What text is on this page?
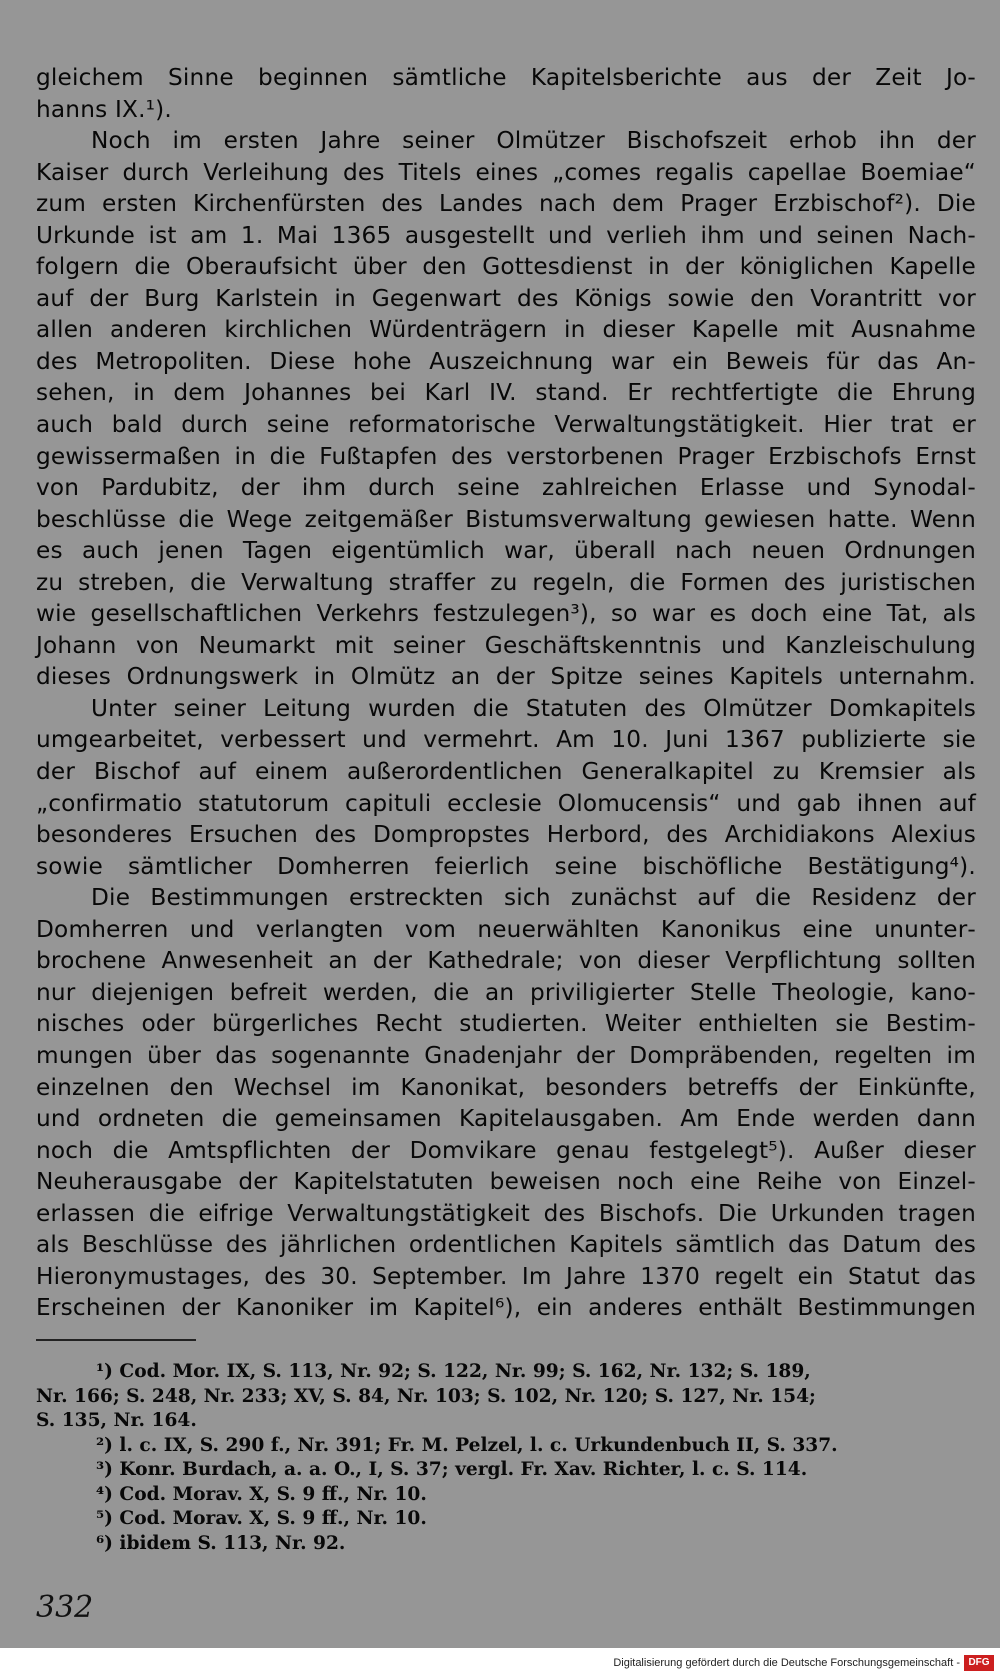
gleichem Sinne beginnen sämtliche Kapitelsberichte aus der Zeit Jo‑
hanns IX.¹).
Noch im ersten Jahre seiner Olmützer Bischofszeit erhob ihn der
Kaiser durch Verleihung des Titels eines „comes regalis capellae Boemiae“
zum ersten Kirchenfürsten des Landes nach dem Prager Erzbischof²). Die
Urkunde ist am 1. Mai 1365 ausgestellt und verlieh ihm und seinen Nach‑
folgern die Oberaufsicht über den Gottesdienst in der königlichen Kapelle
auf der Burg Karlstein in Gegenwart des Königs sowie den Vorantritt vor
allen anderen kirchlichen Würdenträgern in dieser Kapelle mit Ausnahme
des Metropoliten. Diese hohe Auszeichnung war ein Beweis für das An‑
sehen, in dem Johannes bei Karl IV. stand. Er rechtfertigte die Ehrung
auch bald durch seine reformatorische Verwaltungstätigkeit. Hier trat er
gewissermaßen in die Fußtapfen des verstorbenen Prager Erzbischofs Ernst
von Pardubitz, der ihm durch seine zahlreichen Erlasse und Synodal‑
beschlüsse die Wege zeitgemäßer Bistumsverwaltung gewiesen hatte. Wenn
es auch jenen Tagen eigentümlich war, überall nach neuen Ordnungen
zu streben, die Verwaltung straffer zu regeln, die Formen des juristischen
wie gesellschaftlichen Verkehrs festzulegen³), so war es doch eine Tat, als
Johann von Neumarkt mit seiner Geschäftskenntnis und Kanzleischulung
dieses Ordnungswerk in Olmütz an der Spitze seines Kapitels unternahm.
Unter seiner Leitung wurden die Statuten des Olmützer Domkapitels
umgearbeitet, verbessert und vermehrt. Am 10. Juni 1367 publizierte sie
der Bischof auf einem außerordentlichen Generalkapitel zu Kremsier als
„confirmatio statutorum capituli ecclesie Olomucensis“ und gab ihnen auf
besonderes Ersuchen des Dompropstes Herbord, des Archidiakons Alexius
sowie sämtlicher Domherren feierlich seine bischöfliche Bestätigung⁴).
Die Bestimmungen erstreckten sich zunächst auf die Residenz der
Domherren und verlangten vom neuerwählten Kanonikus eine ununter‑
brochene Anwesenheit an der Kathedrale; von dieser Verpflichtung sollten
nur diejenigen befreit werden, die an priviligierter Stelle Theologie, kano‑
nisches oder bürgerliches Recht studierten. Weiter enthielten sie Bestim‑
mungen über das sogenannte Gnadenjahr der Dompräbenden, regelten im
einzelnen den Wechsel im Kanonikat, besonders betreffs der Einkünfte,
und ordneten die gemeinsamen Kapitelausgaben. Am Ende werden dann
noch die Amtspflichten der Domvikare genau festgelegt⁵). Außer dieser
Neuherausgabe der Kapitelstatuten beweisen noch eine Reihe von Einzel‑
erlassen die eifrige Verwaltungstätigkeit des Bischofs. Die Urkunden tragen
als Beschlüsse des jährlichen ordentlichen Kapitels sämtlich das Datum des
Hieronymustages, des 30. September. Im Jahre 1370 regelt ein Statut das
Erscheinen der Kanoniker im Kapitel⁶), ein anderes enthält Bestimmungen
¹) Cod. Mor. IX, S. 113, Nr. 92; S. 122, Nr. 99; S. 162, Nr. 132; S. 189,
Nr. 166; S. 248, Nr. 233; XV, S. 84, Nr. 103; S. 102, Nr. 120; S. 127, Nr. 154;
S. 135, Nr. 164.
²) l. c. IX, S. 290 f., Nr. 391; Fr. M. Pelzel, l. c. Urkundenbuch II, S. 337.
³) Konr. Burdach, a. a. O., I, S. 37; vergl. Fr. Xav. Richter, l. c. S. 114.
⁴) Cod. Morav. X, S. 9 ff., Nr. 10.
⁵) Cod. Morav. X, S. 9 ff., Nr. 10.
⁶) ibidem S. 113, Nr. 92.
332
Digitalisierung gefördert durch die Deutsche Forschungsgemeinschaft - DFG
